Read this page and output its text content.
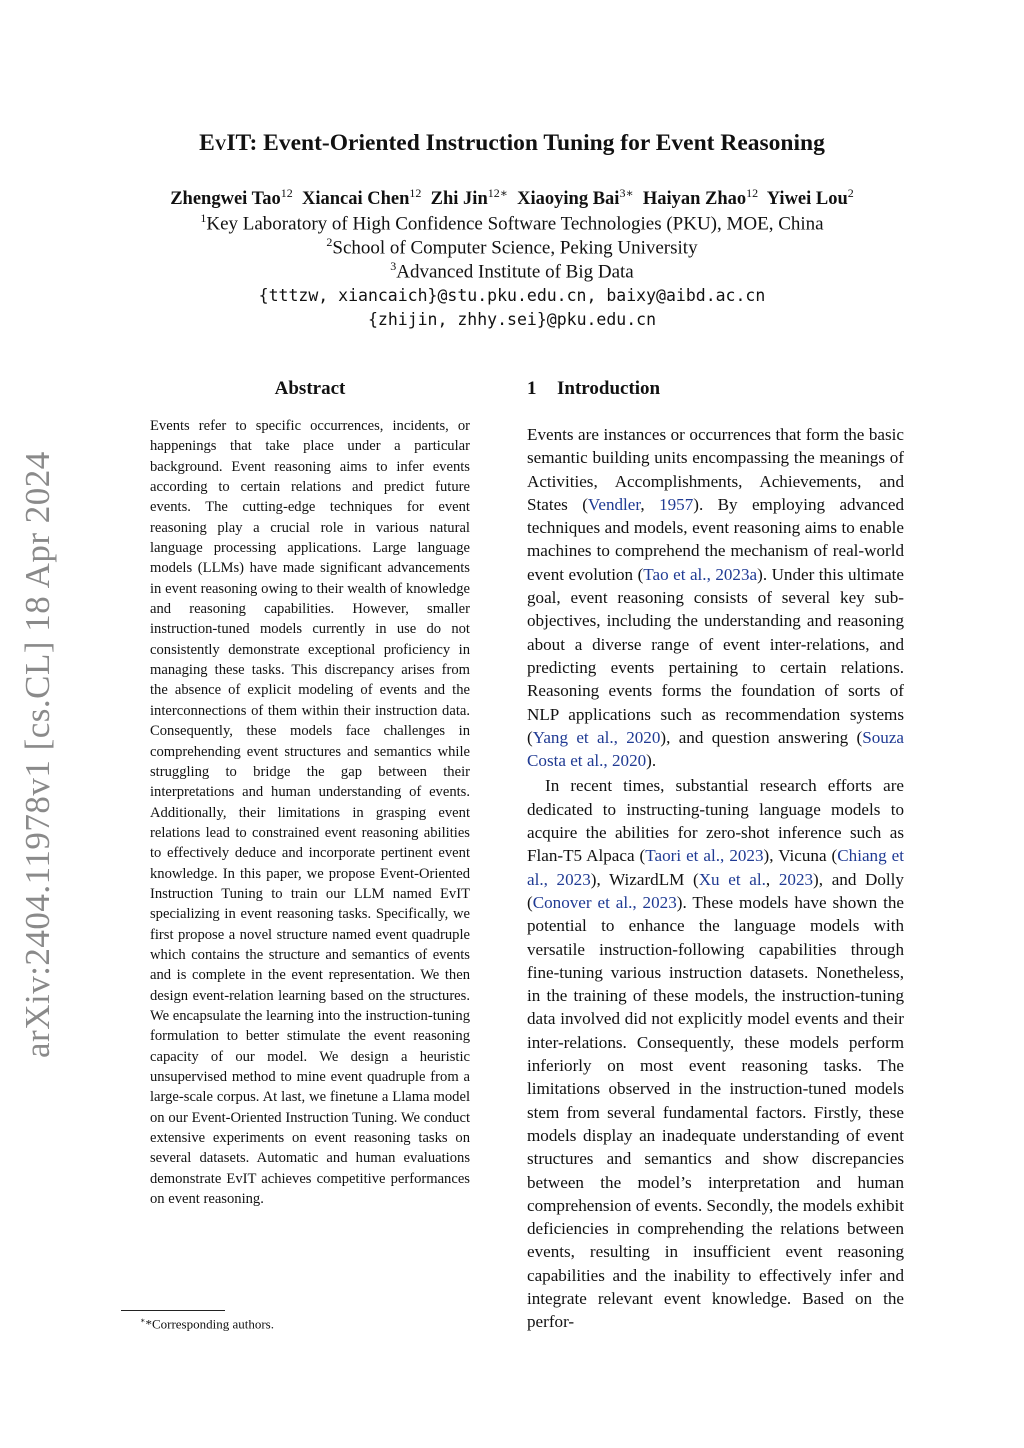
arXiv:2404.11978v1 [cs.CL] 18 Apr 2024
EvIT: Event-Oriented Instruction Tuning for Event Reasoning
Zhengwei Tao$^{12}$ Xiancai Chen$^{12}$ Zhi Jin$^{12∗}$ Xiaoying Bai$^{3∗}$ Haiyan Zhao$^{12}$ Yiwei Lou$^2$
$^1$Key Laboratory of High Confidence Software Technologies (PKU), MOE, China
$^2$School of Computer Science, Peking University
$^3$Advanced Institute of Big Data
{tttzw, xiancaich}@stu.pku.edu.cn, baixy@aibd.ac.cn
{zhijin, zhhy.sei}@pku.edu.cn
Abstract
Events refer to specific occurrences, incidents, or happenings that take place under a particular background. Event reasoning aims to infer events according to certain relations and predict future events. The cutting-edge techniques for event reasoning play a crucial role in various natural language processing applications. Large language models (LLMs) have made significant advancements in event reasoning owing to their wealth of knowledge and reasoning capabilities. However, smaller instruction-tuned models currently in use do not consistently demonstrate exceptional proficiency in managing these tasks. This discrepancy arises from the absence of explicit modeling of events and the interconnections of them within their instruction data. Consequently, these models face challenges in comprehending event structures and semantics while struggling to bridge the gap between their interpretations and human understanding of events. Additionally, their limitations in grasping event relations lead to constrained event reasoning abilities to effectively deduce and incorporate pertinent event knowledge. In this paper, we propose Event-Oriented Instruction Tuning to train our LLM named EvIT specializing in event reasoning tasks. Specifically, we first propose a novel structure named event quadruple which contains the structure and semantics of events and is complete in the event representation. We then design event-relation learning based on the structures. We encapsulate the learning into the instruction-tuning formulation to better stimulate the event reasoning capacity of our model. We design a heuristic unsupervised method to mine event quadruple from a large-scale corpus. At last, we finetune a Llama model on our Event-Oriented Instruction Tuning. We conduct extensive experiments on event reasoning tasks on several datasets. Automatic and human evaluations demonstrate EvIT achieves competitive performances on event reasoning.
1 Introduction

Events are instances or occurrences that form the basic semantic building units encompassing the meanings of Activities, Accomplishments, Achievements, and States (Vendler, 1957). By employing advanced techniques and models, event reasoning aims to enable machines to comprehend the mechanism of real-world event evolution (Tao et al., 2023a). Under this ultimate goal, event reasoning consists of several key sub-objectives, including the understanding and reasoning about a diverse range of event inter-relations, and predicting events pertaining to certain relations. Reasoning events forms the foundation of sorts of NLP applications such as recommendation systems (Yang et al., 2020), and question answering (Souza Costa et al., 2020).

In recent times, substantial research efforts are dedicated to instructing-tuning language models to acquire the abilities for zero-shot inference such as Flan-T5 Alpaca (Taori et al., 2023), Vicuna (Chiang et al., 2023), WizardLM (Xu et al., 2023), and Dolly (Conover et al., 2023). These models have shown the potential to enhance the language models with versatile instruction-following capabilities through fine-tuning various instruction datasets. Nonetheless, in the training of these models, the instruction-tuning data involved did not explicitly model events and their inter-relations. Consequently, these models perform inferiorly on most event reasoning tasks. The limitations observed in the instruction-tuned models stem from several fundamental factors. Firstly, these models display an inadequate understanding of event structures and semantics and show discrepancies between the model’s interpretation and human comprehension of events. Secondly, the models exhibit deficiencies in comprehending the relations between events, resulting in insufficient event reasoning capabilities and the inability to effectively infer and integrate relevant event knowledge. Based on the perfor-

∗*Corresponding authors.
